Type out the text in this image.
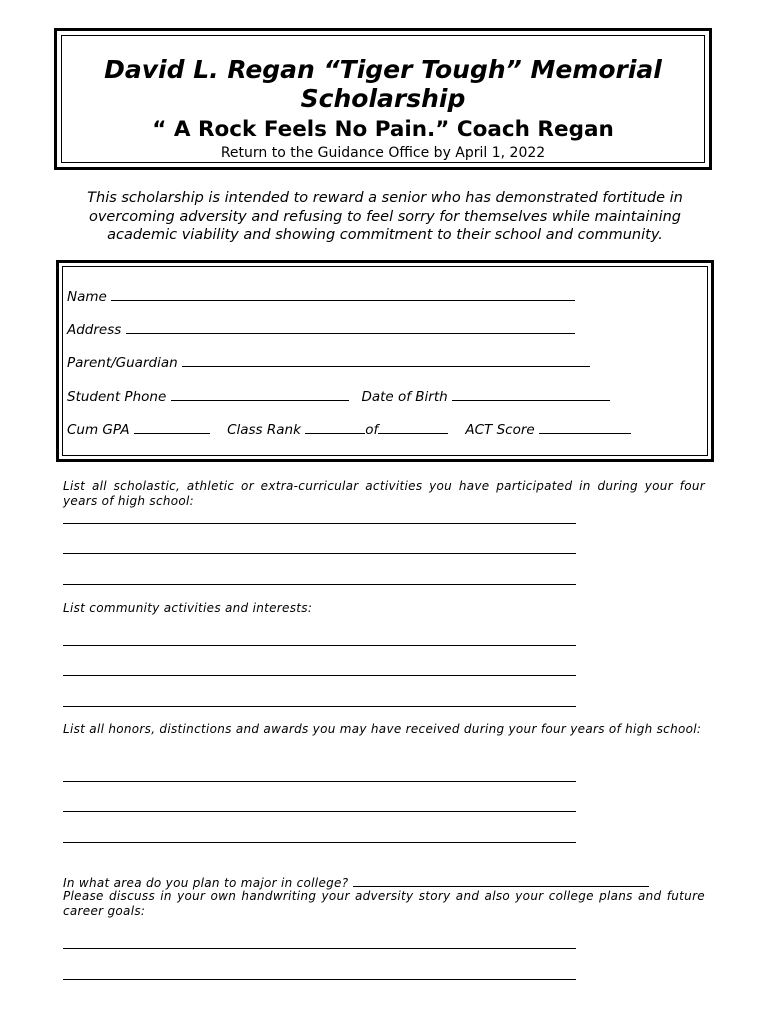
David L. Regan “Tiger Tough” Memorial
Scholarship
“ A Rock Feels No Pain.” Coach Regan
Return to the Guidance Office by April 1, 2022
This scholarship is intended to reward a senior who has demonstrated fortitude in overcoming adversity and refusing to feel sorry for themselves while maintaining academic viability and showing commitment to their school and community.
Name
Address
Parent/Guardian
Student Phone	Date of Birth
Cum GPA	Class Rank	of	ACT Score
List all scholastic, athletic or extra-curricular activities you have participated in during your four years of high school:
List community activities and interests:
List all honors, distinctions and awards you may have received during your four years of high school:
In what area do you plan to major in college?
Please discuss in your own handwriting your adversity story and also your college plans and future career goals:
